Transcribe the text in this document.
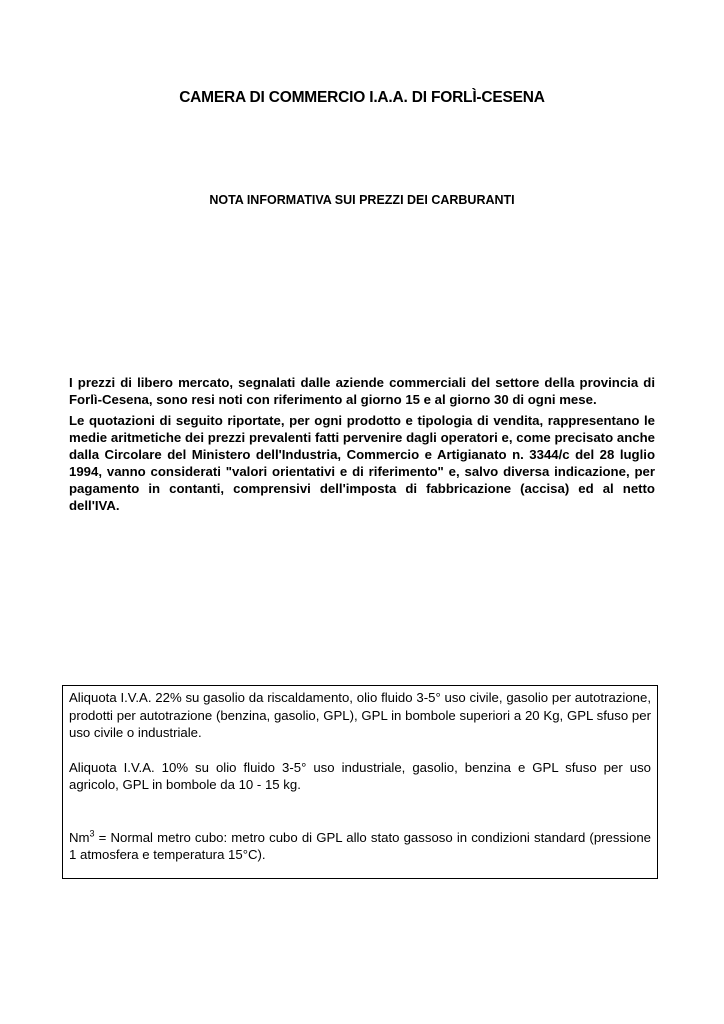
CAMERA DI COMMERCIO I.A.A. DI FORLÌ-CESENA
NOTA INFORMATIVA SUI PREZZI DEI CARBURANTI

I prezzi di libero mercato, segnalati dalle aziende commerciali del settore della provincia di Forlì-Cesena, sono resi noti con riferimento al giorno 15 e al giorno 30 di ogni mese.

Le quotazioni di seguito riportate, per ogni prodotto e tipologia di vendita, rappresentano le medie aritmetiche dei prezzi prevalenti fatti pervenire dagli operatori e, come precisato anche dalla Circolare del Ministero dell'Industria, Commercio e Artigianato n. 3344/c del 28 luglio 1994, vanno considerati "valori orientativi e di riferimento" e, salvo diversa indicazione, per pagamento in contanti, comprensivi dell'imposta di fabbricazione (accisa) ed al netto dell'IVA.

Aliquota I.V.A. 22% su gasolio da riscaldamento, olio fluido 3-5° uso civile, gasolio per autotrazione, prodotti per autotrazione (benzina, gasolio, GPL), GPL in bombole superiori a 20 Kg, GPL sfuso per uso civile o industriale.

Aliquota I.V.A. 10% su olio fluido 3-5° uso industriale, gasolio, benzina e GPL sfuso per uso agricolo, GPL in bombole da 10 - 15 kg.

$Nm^3$ = Normal metro cubo: metro cubo di GPL allo stato gassoso in condizioni standard (pressione 1 atmosfera e temperatura 15°C).
